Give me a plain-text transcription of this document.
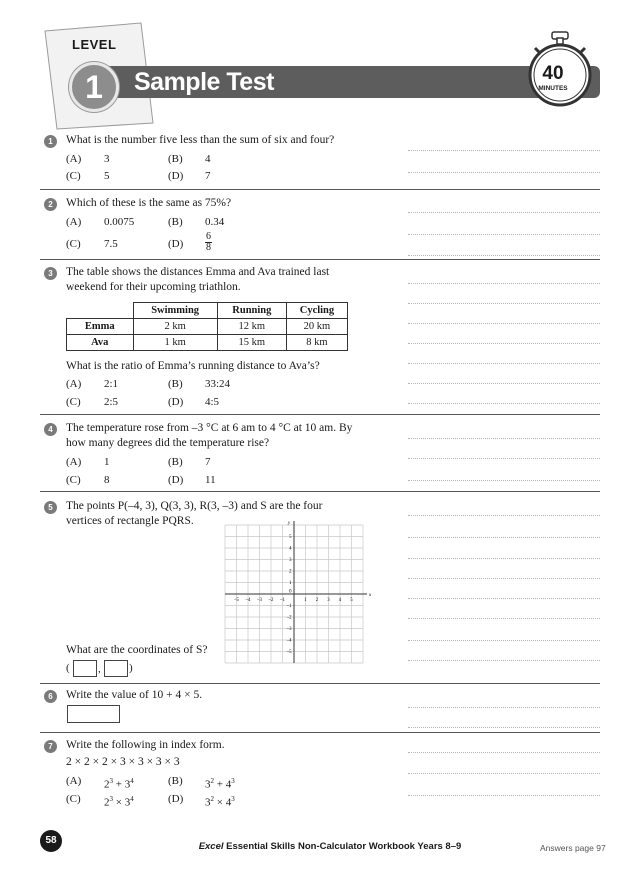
Sample Test
LEVEL
1	40
MINUTES
1	What is the number five less than the sum of six and four?
(A) 3	(B) 4
(C) 5	(D) 7
2	Which of these is the same as 75%?
(A) 0.0075	(B) 0.34
(C) 7.5	$(D) \frac{6}{8}$
3	The table shows the distances Emma and Ava trained last
weekend for their upcoming triathlon.
	Swimming	Running	Cycling
Emma	2 km	12 km	20 km
Ava	1 km	15 km	8 km
What is the ratio of Emma’s running distance to Ava’s?
(A) 2:1	(B) 33:24
(C) 2:5	(D) 4:5
4	The temperature rose from –3 °C at 6 am to 4 °C at 10 am. By
how many degrees did the temperature rise?
(A) 1	(B) 7
(C) 8	(D) 11
5	The points P(–4, 3), Q(3, 3), R(3, –3) and S are the four
vertices of rectangle PQRS.
x
y
–5 –4 –3 –2 –1	1 2 3 4 5
5
4
3
2
1
–1
–2
–3
–4
–5
0
What are the coordinates of S?
(	,	)
6	Write the value of 10 + 4 × 5.
7	Write the following in index form.
2 × 2 × 2 × 3 × 3 × 3 × 3
(A) $2^3 + 3^4$	(B) $3^2 + 4^3$
(C) $2^3 \times 3^4$	(D) $3^2 \times 4^3$
58
Excel Essential Skills Non-Calculator Workbook Years 8–9	Answers page 97
